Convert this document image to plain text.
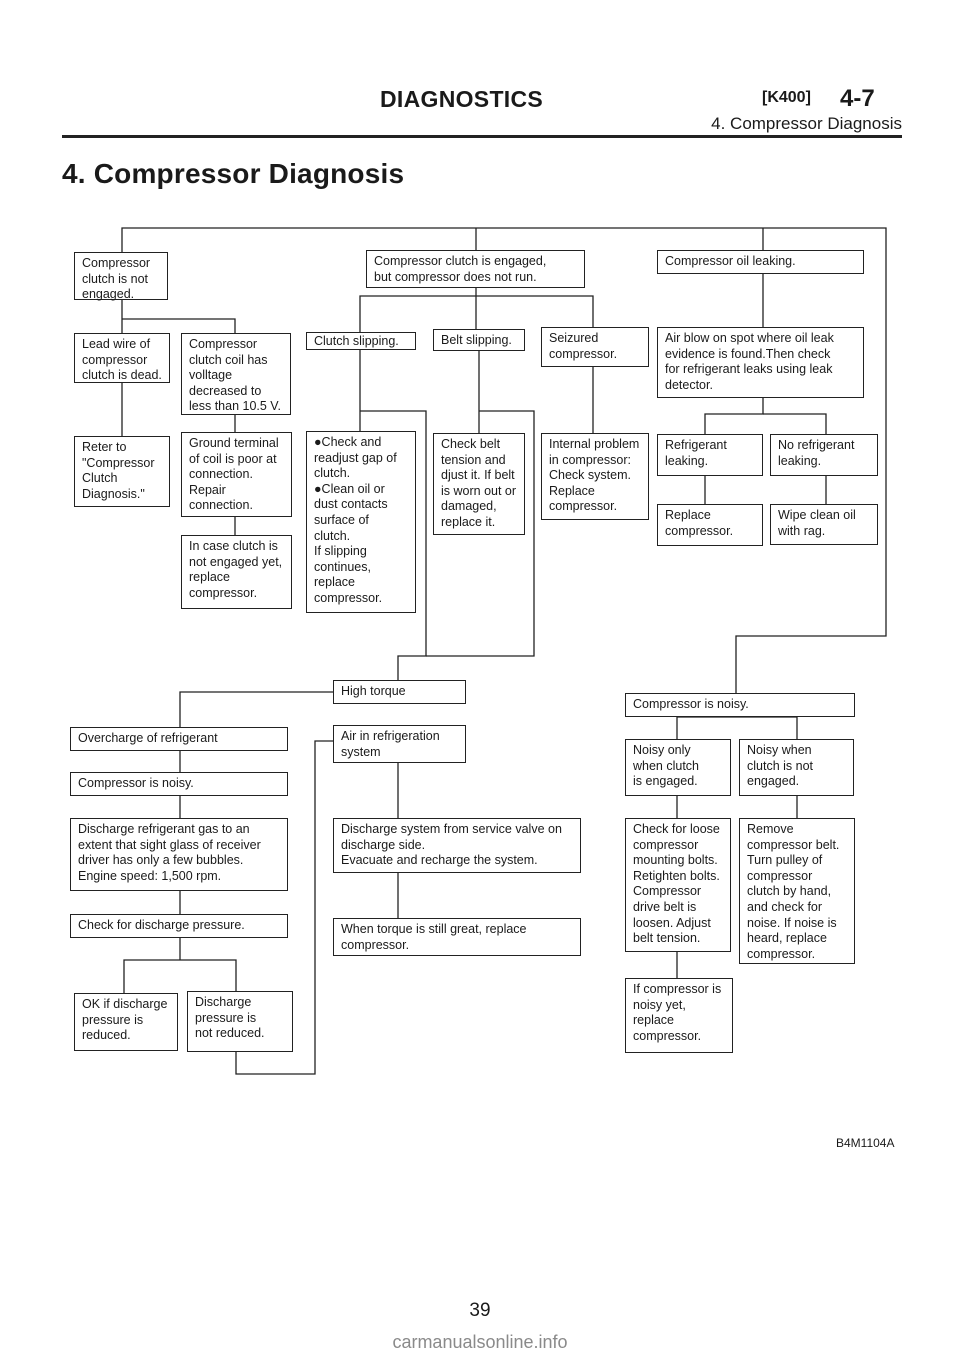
DIAGNOSTICS	[K400] 4-7
4. Compressor Diagnosis
4. Compressor Diagnosis
Compressor
clutch is not
engaged.
Lead wire of
compressor
clutch is dead.
Reter to
"Compressor
Clutch
Diagnosis."
Compressor
clutch coil has
volltage
decreased to
less than 10.5 V.
Ground terminal
of coil is poor at
connection.
Repair
connection.
In case clutch is
not engaged yet,
replace
compressor.
Compressor clutch is engaged,
but compressor does not run.
Clutch slipping.
●Check and
readjust gap of
clutch.
●Clean oil or
dust contacts
surface of
clutch.
If slipping
continues,
replace
compressor.
Belt slipping.
Check belt
tension and
djust it. If belt
is worn out or
damaged,
replace it.
Seizured
compressor.
Internal problem
in compressor:
Check system.
Replace
compressor.
Compressor oil leaking.
Air blow on spot where oil leak
evidence is found.Then check
for refrigerant leaks using leak
detector.
Refrigerant
leaking.
Replace
compressor.
No refrigerant
leaking.
Wipe clean oil
with rag.
High torque
Overcharge of refrigerant
Compressor is noisy.
Discharge refrigerant gas to an
extent that sight glass of receiver
driver has only a few bubbles.
Engine speed: 1,500 rpm.
Check for discharge pressure.
OK if discharge
pressure is
reduced.
Discharge
pressure is
not reduced.
Air in refrigeration
system
Discharge system from service valve on
discharge side.
Evacuate and recharge the system.
When torque is still great, replace
compressor.
Compressor is noisy.
Noisy only
when clutch
is engaged.
Check for loose
compressor
mounting bolts.
Retighten bolts.
Compressor
drive belt is
loosen. Adjust
belt tension.
If compressor is
noisy yet,
replace
compressor.
Noisy when
clutch is not
engaged.
Remove
compressor belt.
Turn pulley of
compressor
clutch by hand,
and check for
noise. If noise is
heard, replace
compressor.
B4M1104A
39
carmanualsonline.info
